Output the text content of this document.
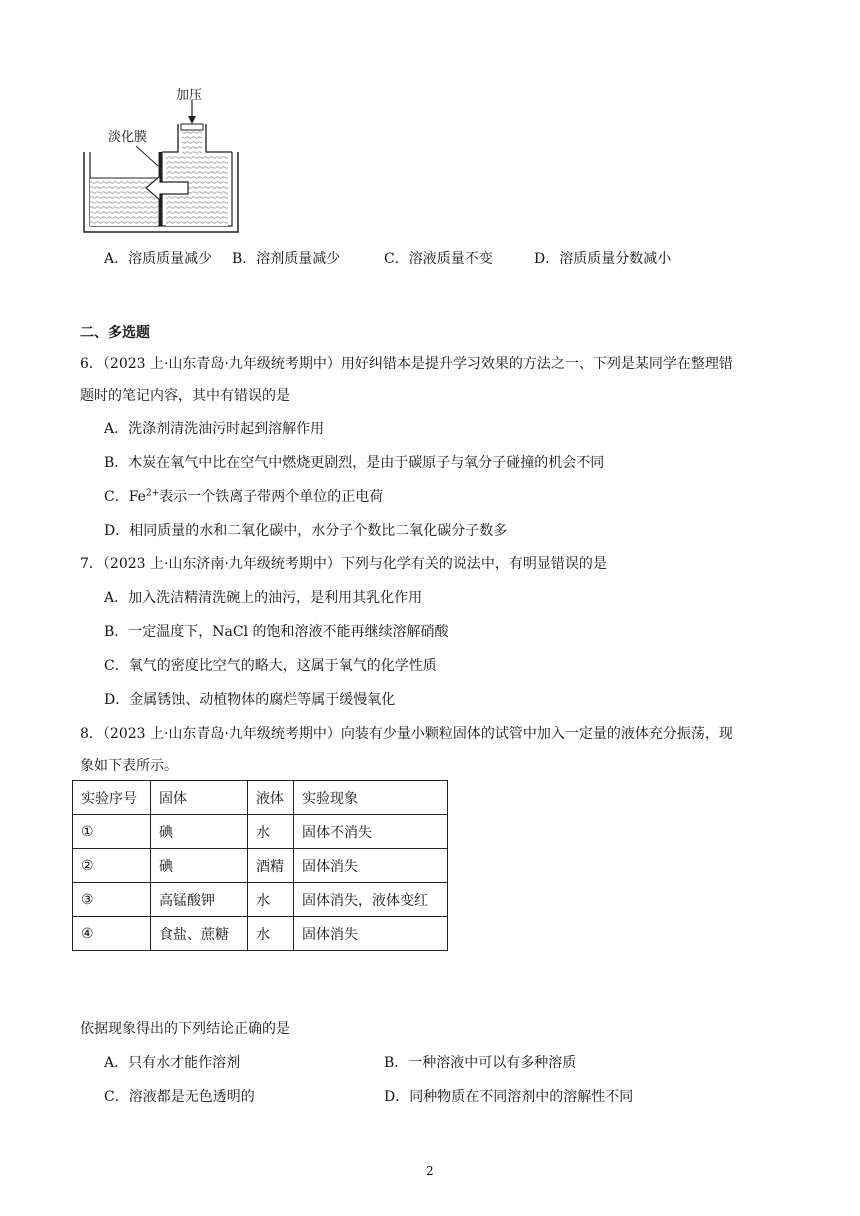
加压
淡化膜
A．溶质质量减少 B．溶剂质量减少	C．溶液质量不变	D．溶质质量分数减小
二、多选题
6．（2023 上·山东青岛·九年级统考期中）用好纠错本是提升学习效果的方法之一、下列是某同学在整理错
题时的笔记内容，其中有错误的是
A．洗涤剂清洗油污时起到溶解作用
B．木炭在氧气中比在空气中燃烧更剧烈，是由于碳原子与氧分子碰撞的机会不同
C．$Fe^{2+}$表示一个铁离子带两个单位的正电荷
D．相同质量的水和二氧化碳中，水分子个数比二氧化碳分子数多
7．（2023 上·山东济南·九年级统考期中）下列与化学有关的说法中，有明显错误的是
A．加入洗洁精清洗碗上的油污，是利用其乳化作用
B．一定温度下，NaCl 的饱和溶液不能再继续溶解硝酸
C．氧气的密度比空气的略大，这属于氧气的化学性质
D．金属锈蚀、动植物体的腐烂等属于缓慢氧化
8．（2023 上·山东青岛·九年级统考期中）向装有少量小颗粒固体的试管中加入一定量的液体充分振荡，现
象如下表所示。
实验序号	固体	液体	实验现象
①	碘	水	固体不消失
②	碘	酒精	固体消失
③	高锰酸钾	水	固体消失，液体变红
④	食盐、蔗糖	水	固体消失
依据现象得出的下列结论正确的是
A．只有水才能作溶剂	B．一种溶液中可以有多种溶质
C．溶液都是无色透明的	D．同种物质在不同溶剂中的溶解性不同
2
